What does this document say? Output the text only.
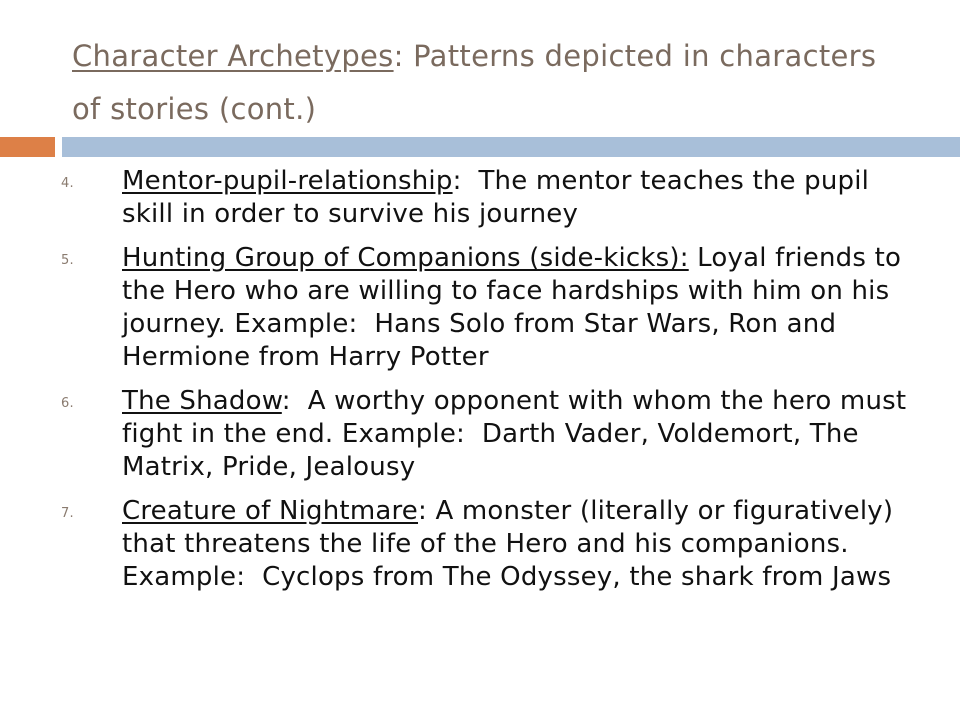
Character Archetypes: Patterns depicted in characters of stories (cont.)
4. Mentor-pupil-relationship:  The mentor teaches the pupil skill in order to survive his journey
5. Hunting Group of Companions (side-kicks): Loyal friends to the Hero who are willing to face hardships with him on his journey. Example:  Hans Solo from Star Wars, Ron and Hermione from Harry Potter
6. The Shadow:  A worthy opponent with whom the hero must fight in the end. Example:  Darth Vader, Voldemort, The Matrix, Pride, Jealousy
7. Creature of Nightmare: A monster (literally or figuratively) that threatens the life of the Hero and his companions.  Example:  Cyclops from The Odyssey, the shark from Jaws
